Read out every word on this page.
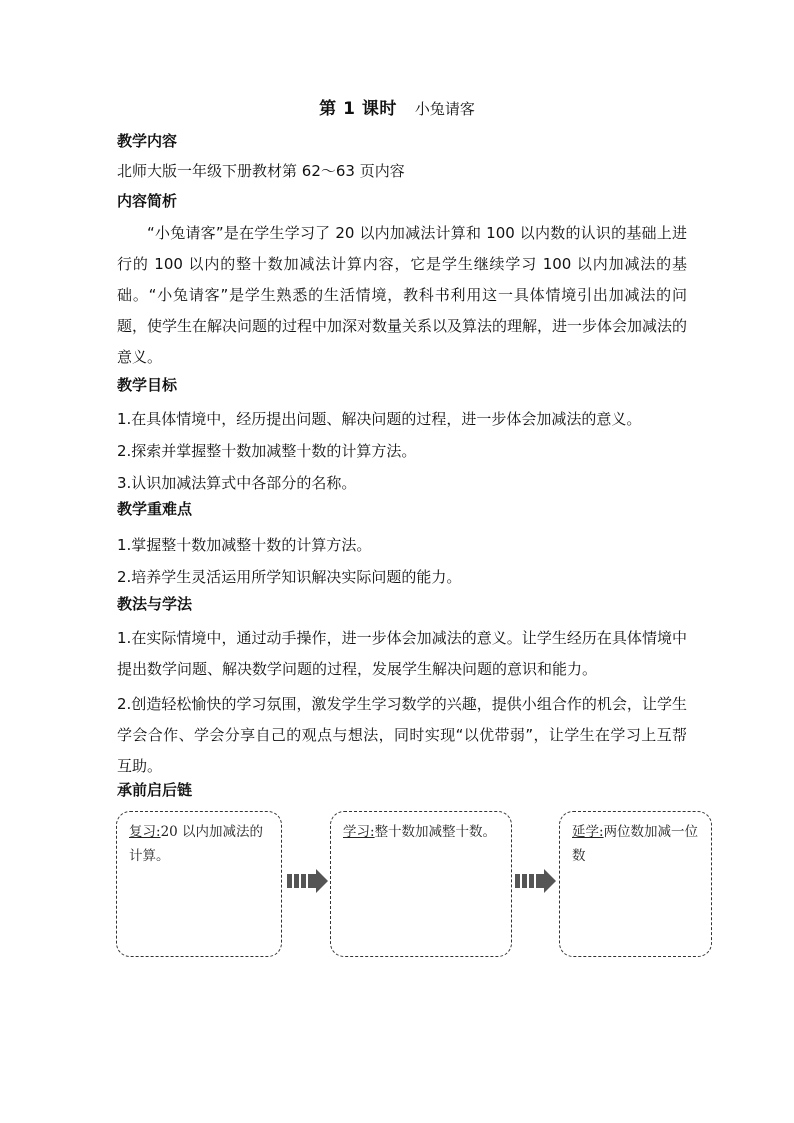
第 1 课时 小兔请客
教学内容
北师大版一年级下册教材第 62～63 页内容
内容简析
“小兔请客”是在学生学习了 20 以内加减法计算和 100 以内数的认识的基础上进行的 100 以内的整十数加减法计算内容，它是学生继续学习 100 以内加减法的基础。“小兔请客”是学生熟悉的生活情境，教科书利用这一具体情境引出加减法的问题，使学生在解决问题的过程中加深对数量关系以及算法的理解，进一步体会加减法的意义。
教学目标
1.在具体情境中，经历提出问题、解决问题的过程，进一步体会加减法的意义。
2.探索并掌握整十数加减整十数的计算方法。
3.认识加减法算式中各部分的名称。
教学重难点
1.掌握整十数加减整十数的计算方法。
2.培养学生灵活运用所学知识解决实际问题的能力。
教法与学法
1.在实际情境中，通过动手操作，进一步体会加减法的意义。让学生经历在具体情境中提出数学问题、解决数学问题的过程，发展学生解决问题的意识和能力。
2.创造轻松愉快的学习氛围，激发学生学习数学的兴趣，提供小组合作的机会，让学生学会合作、学会分享自己的观点与想法，同时实现“以优带弱”，让学生在学习上互帮互助。
承前启后链
复习:20 以内加减法的计算。
学习:整十数加减整十数。	延学:两位数加减一位数
